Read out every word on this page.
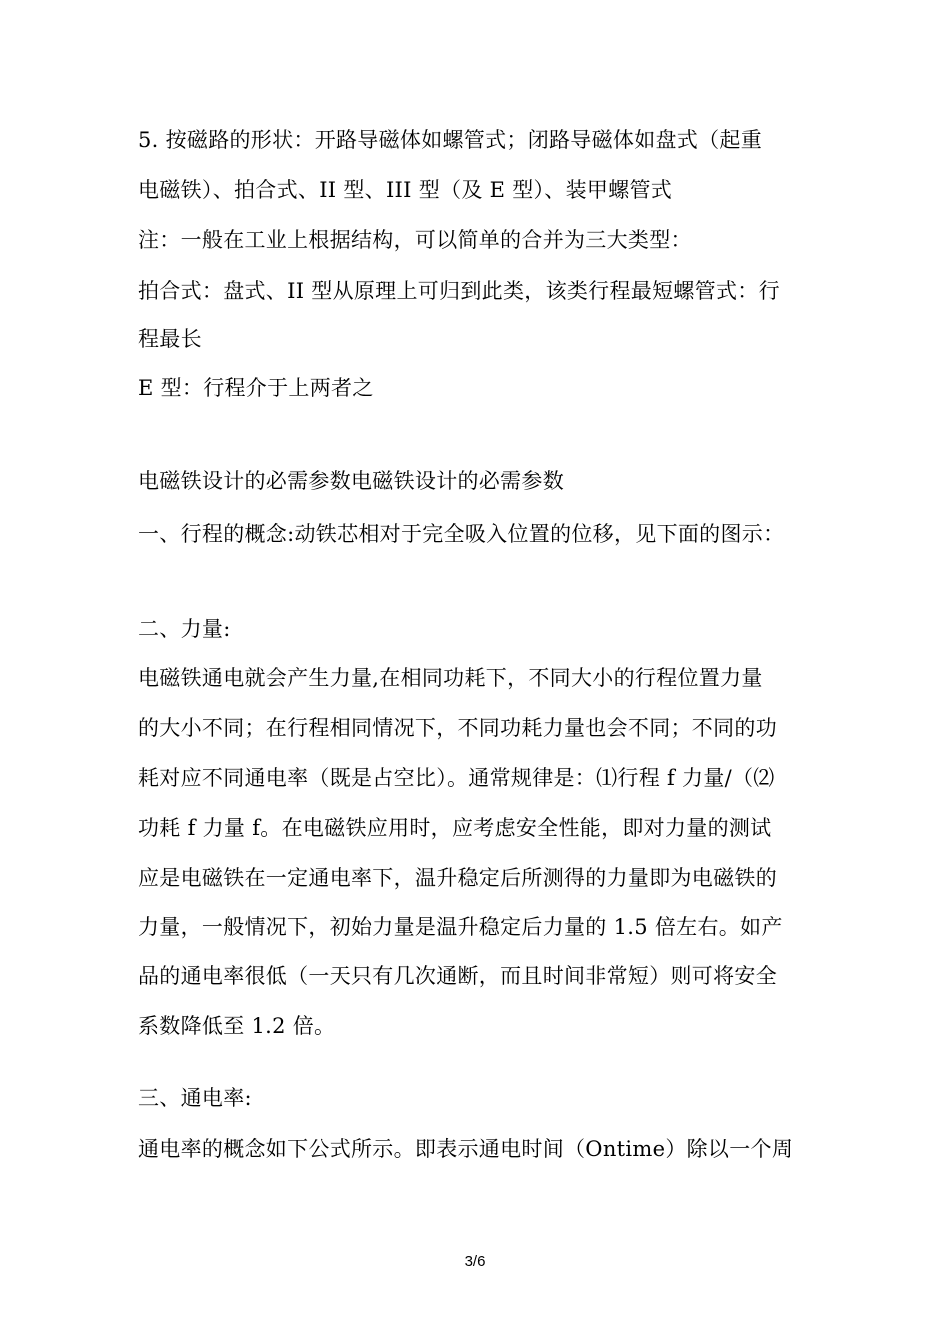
5. 按磁路的形状：开路导磁体如螺管式；闭路导磁体如盘式（起重
电磁铁）、拍合式、II 型、III 型（及 E 型）、装甲螺管式
注：一般在工业上根据结构，可以简单的合并为三大类型：
拍合式：盘式、II 型从原理上可归到此类，该类行程最短螺管式：行
程最长
E 型：行程介于上两者之
电磁铁设计的必需参数电磁铁设计的必需参数
一、行程的概念:动铁芯相对于完全吸入位置的位移，见下面的图示：
二、力量:
电磁铁通电就会产生力量,在相同功耗下，不同大小的行程位置力量
的大小不同；在行程相同情况下，不同功耗力量也会不同；不同的功
耗对应不同通电率（既是占空比）。通常规律是：⑴行程 f 力量/（⑵
功耗 f 力量 f。在电磁铁应用时，应考虑安全性能，即对力量的测试
应是电磁铁在一定通电率下，温升稳定后所测得的力量即为电磁铁的
力量，一般情况下，初始力量是温升稳定后力量的 1.5 倍左右。如产
品的通电率很低（一天只有几次通断，而且时间非常短）则可将安全
系数降低至 1.2 倍。
三、通电率:
通电率的概念如下公式所示。即表示通电时间（Ontime）除以一个周
3/6
